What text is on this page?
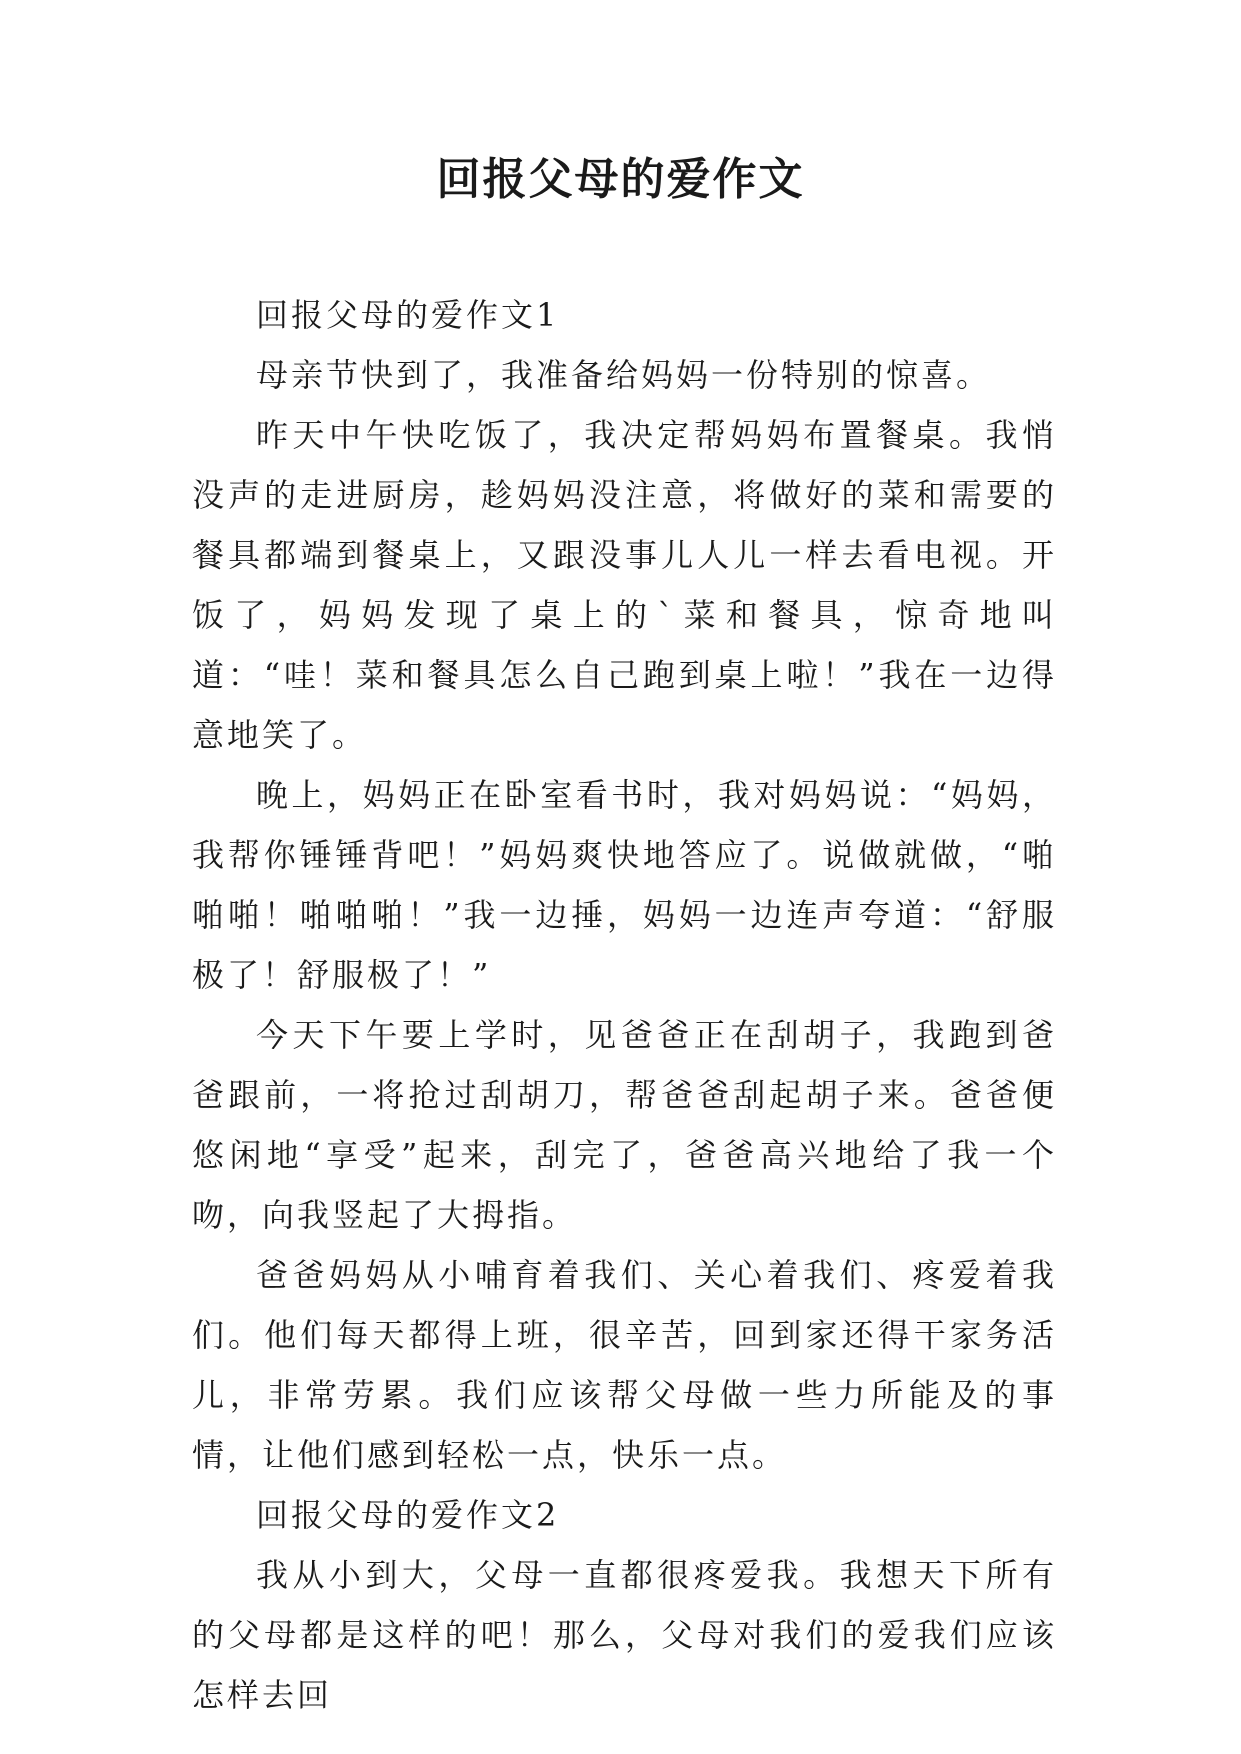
回报父母的爱作文

回报父母的爱作文1

母亲节快到了，我准备给妈妈一份特别的惊喜。

昨天中午快吃饭了，我决定帮妈妈布置餐桌。我悄没声的走进厨房，趁妈妈没注意，将做好的菜和需要的餐具都端到餐桌上，又跟没事儿人儿一样去看电视。开饭了，妈妈发现了桌上的`菜和餐具，惊奇地叫道：“哇！菜和餐具怎么自己跑到桌上啦！”我在一边得意地笑了。

晚上，妈妈正在卧室看书时，我对妈妈说：“妈妈，我帮你锤锤背吧！”妈妈爽快地答应了。说做就做，“啪啪啪！啪啪啪！”我一边捶，妈妈一边连声夸道：“舒服极了！舒服极了！”

今天下午要上学时，见爸爸正在刮胡子，我跑到爸爸跟前，一将抢过刮胡刀，帮爸爸刮起胡子来。爸爸便悠闲地“享受”起来，刮完了，爸爸高兴地给了我一个吻，向我竖起了大拇指。

爸爸妈妈从小哺育着我们、关心着我们、疼爱着我们。他们每天都得上班，很辛苦，回到家还得干家务活儿，非常劳累。我们应该帮父母做一些力所能及的事情，让他们感到轻松一点，快乐一点。

回报父母的爱作文2

我从小到大，父母一直都很疼爱我。我想天下所有的父母都是这样的吧！那么，父母对我们的爱我们应该怎样去回
